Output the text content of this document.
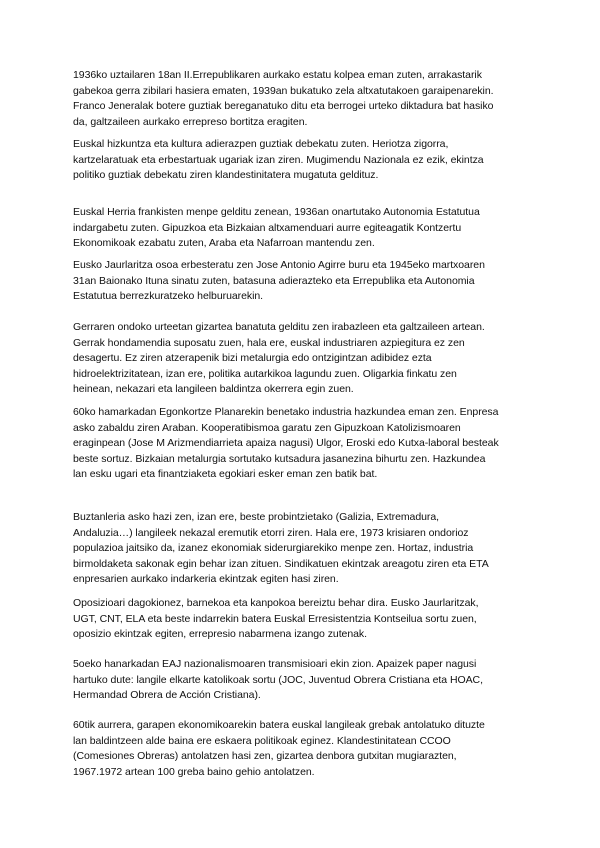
1936ko uztailaren 18an II.Errepublikaren aurkako estatu kolpea eman zuten, arrakastarik
gabekoa gerra zibilari hasiera ematen, 1939an bukatuko zela altxatutakoen garaipenarekin.
Franco Jeneralak botere guztiak bereganatuko ditu eta berrogei urteko diktadura bat hasiko
da, galtzaileen aurkako errepreso bortitza eragiten.

Euskal hizkuntza eta kultura adierazpen guztiak debekatu zuten. Heriotza zigorra,
kartzelaratuak eta erbestartuak ugariak izan ziren. Mugimendu Nazionala ez ezik, ekintza
politiko guztiak debekatu ziren klandestinitatera mugatuta geldituz.

Euskal Herria frankisten menpe gelditu zenean, 1936an onartutako Autonomia Estatutua
indargabetu zuten. Gipuzkoa eta Bizkaian altxamenduari aurre egiteagatik Kontzertu
Ekonomikoak ezabatu zuten, Araba eta Nafarroan mantendu zen.

Eusko Jaurlaritza osoa erbesteratu zen Jose Antonio Agirre buru eta 1945eko martxoaren
31an Baionako Ituna sinatu zuten, batasuna adierazteko eta Errepublika eta Autonomia
Estatutua berrezkuratzeko helburuarekin.

Gerraren ondoko urteetan gizartea banatuta gelditu zen irabazleen eta galtzaileen artean.
Gerrak hondamendia suposatu zuen, hala ere, euskal industriaren azpiegitura ez zen
desagertu. Ez ziren atzerapenik bizi metalurgia edo ontzigintzan adibidez ezta
hidroelektrizitatean, izan ere, politika autarkikoa lagundu zuen. Oligarkia finkatu zen
heinean, nekazari eta langileen baldintza okerrera egin zuen.

60ko hamarkadan Egonkortze Planarekin benetako industria hazkundea eman zen. Enpresa
asko zabaldu ziren Araban. Kooperatibismoa garatu zen Gipuzkoan Katolizismoaren
eraginpean (Jose M Arizmendiarrieta apaiza nagusi) Ulgor, Eroski edo Kutxa-laboral besteak
beste sortuz. Bizkaian metalurgia sortutako kutsadura jasanezina bihurtu zen. Hazkundea
lan esku ugari eta finantziaketa egokiari esker eman zen batik bat.

Buztanleria asko hazi zen, izan ere, beste probintzietako (Galizia, Extremadura,
Andaluzia…) langileek nekazal eremutik etorri ziren. Hala ere, 1973 krisiaren ondorioz
populazioa jaitsiko da, izanez ekonomiak siderurgiarekiko menpe zen. Hortaz, industria
birmoldaketa sakonak egin behar izan zituen. Sindikatuen ekintzak areagotu ziren eta ETA
enpresarien aurkako indarkeria ekintzak egiten hasi ziren.

Oposizioari dagokionez, barnekoa eta kanpokoa bereiztu behar dira. Eusko Jaurlaritzak,
UGT, CNT, ELA eta beste indarrekin batera Euskal Erresistentzia Kontseilua sortu zuen,
oposizio ekintzak egiten, errepresio nabarmena izango zutenak.

5oeko hanarkadan EAJ nazionalismoaren transmisioari ekin zion. Apaizek paper nagusi
hartuko dute: langile elkarte katolikoak sortu (JOC, Juventud Obrera Cristiana eta HOAC,
Hermandad Obrera de Acción Cristiana).

60tik aurrera, garapen ekonomikoarekin batera euskal langileak grebak antolatuko dituzte
lan baldintzeen alde baina ere eskaera politikoak eginez. Klandestinitatean CCOO
(Comesiones Obreras) antolatzen hasi zen, gizartea denbora gutxitan mugiarazten,
1967.1972 artean 100 greba baino gehio antolatzen.
